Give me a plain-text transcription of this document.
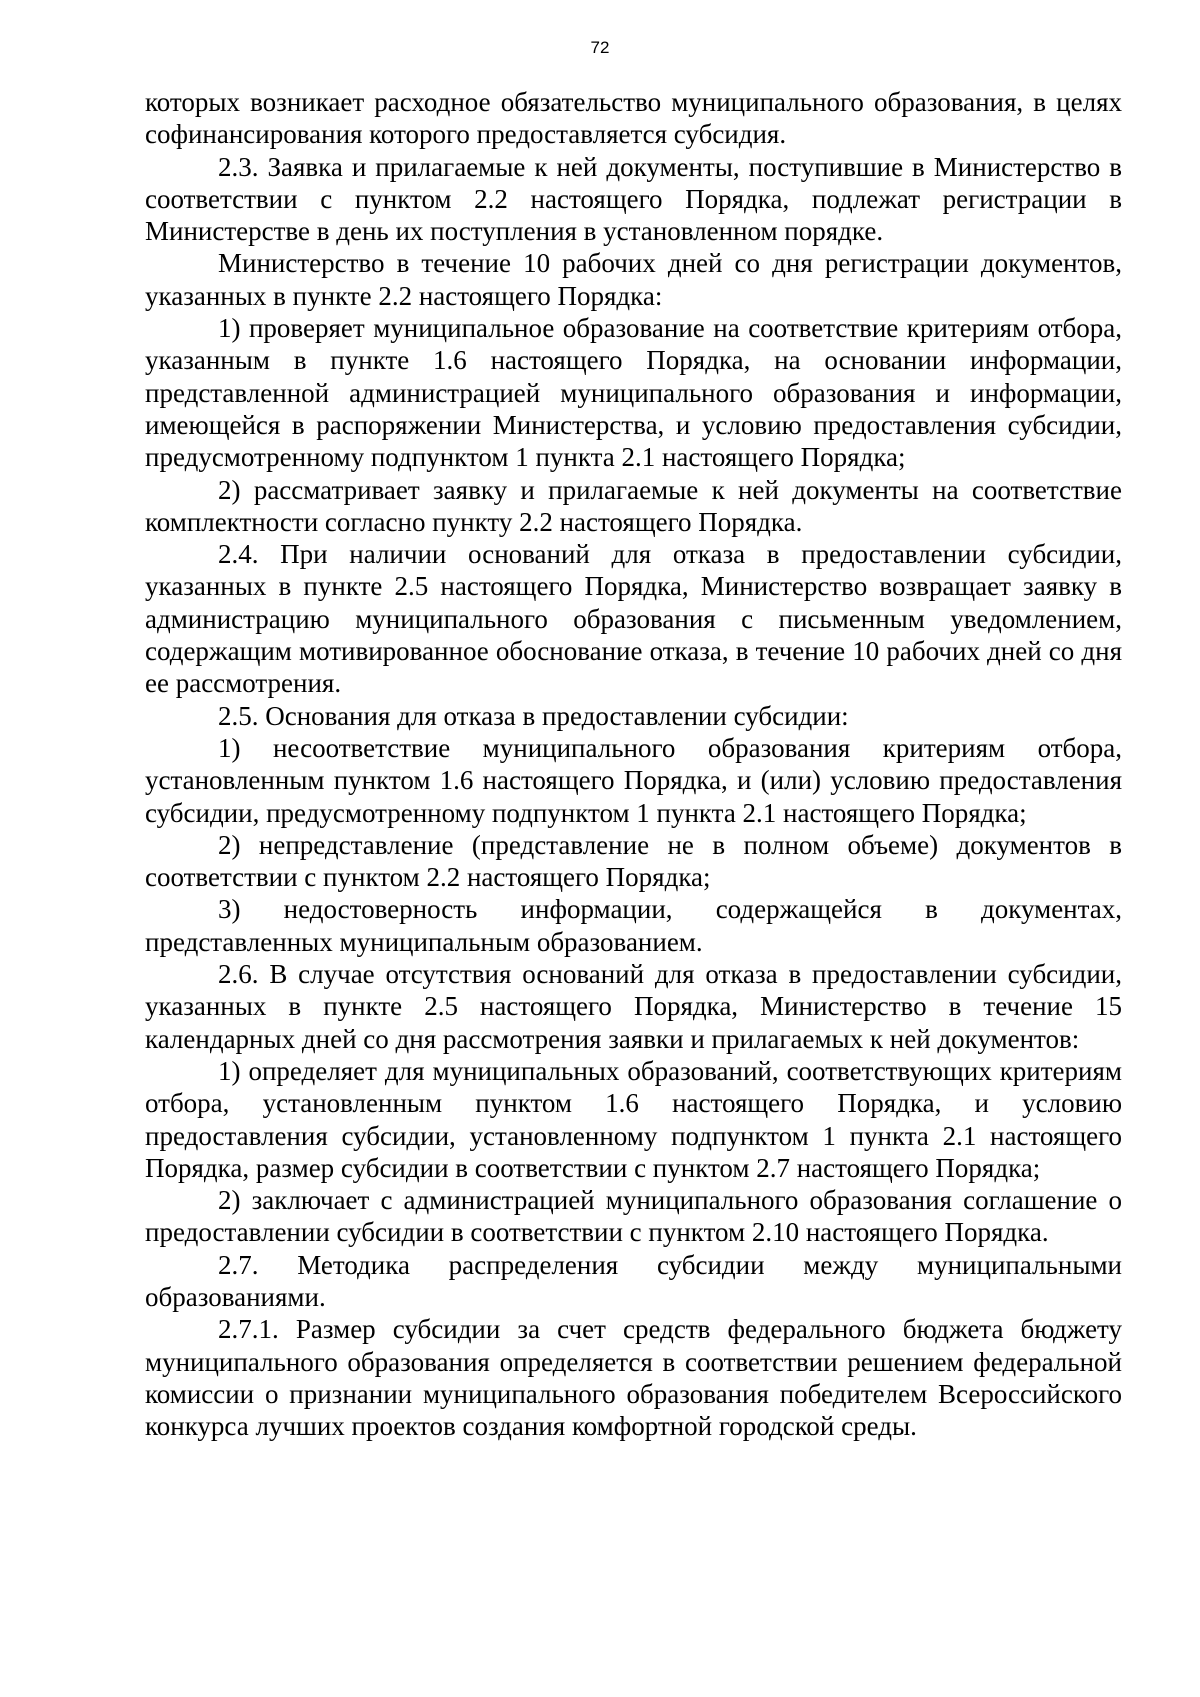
72

которых возникает расходное обязательство муниципального образования, в целях софинансирования которого предоставляется субсидия.

2.3. Заявка и прилагаемые к ней документы, поступившие в Министерство в соответствии с пунктом 2.2 настоящего Порядка, подлежат регистрации в Министерстве в день их поступления в установленном порядке.

Министерство в течение 10 рабочих дней со дня регистрации документов, указанных в пункте 2.2 настоящего Порядка:

1) проверяет муниципальное образование на соответствие критериям отбора, указанным в пункте 1.6 настоящего Порядка, на основании информации, представленной администрацией муниципального образования и информации, имеющейся в распоряжении Министерства, и условию предоставления субсидии, предусмотренному подпунктом 1 пункта 2.1 настоящего Порядка;

2) рассматривает заявку и прилагаемые к ней документы на соответствие комплектности согласно пункту 2.2 настоящего Порядка.

2.4. При наличии оснований для отказа в предоставлении субсидии, указанных в пункте 2.5 настоящего Порядка, Министерство возвращает заявку в администрацию муниципального образования с письменным уведомлением, содержащим мотивированное обоснование отказа, в течение 10 рабочих дней со дня ее рассмотрения.

2.5. Основания для отказа в предоставлении субсидии:

1) несоответствие муниципального образования критериям отбора, установленным пунктом 1.6 настоящего Порядка, и (или) условию предоставления субсидии, предусмотренному подпунктом 1 пункта 2.1 настоящего Порядка;

2) непредставление (представление не в полном объеме) документов в соответствии с пунктом 2.2 настоящего Порядка;

3) недостоверность информации, содержащейся в документах, представленных муниципальным образованием.

2.6. В случае отсутствия оснований для отказа в предоставлении субсидии, указанных в пункте 2.5 настоящего Порядка, Министерство в течение 15 календарных дней со дня рассмотрения заявки и прилагаемых к ней документов:

1) определяет для муниципальных образований, соответствующих критериям отбора, установленным пунктом 1.6 настоящего Порядка, и условию предоставления субсидии, установленному подпунктом 1 пункта 2.1 настоящего Порядка, размер субсидии в соответствии с пунктом 2.7 настоящего Порядка;

2) заключает с администрацией муниципального образования соглашение о предоставлении субсидии в соответствии с пунктом 2.10 настоящего Порядка.

2.7. Методика распределения субсидии между муниципальными образованиями.

2.7.1. Размер субсидии за счет средств федерального бюджета бюджету муниципального образования определяется в соответствии решением федеральной комиссии о признании муниципального образования победителем Всероссийского конкурса лучших проектов создания комфортной городской среды.
